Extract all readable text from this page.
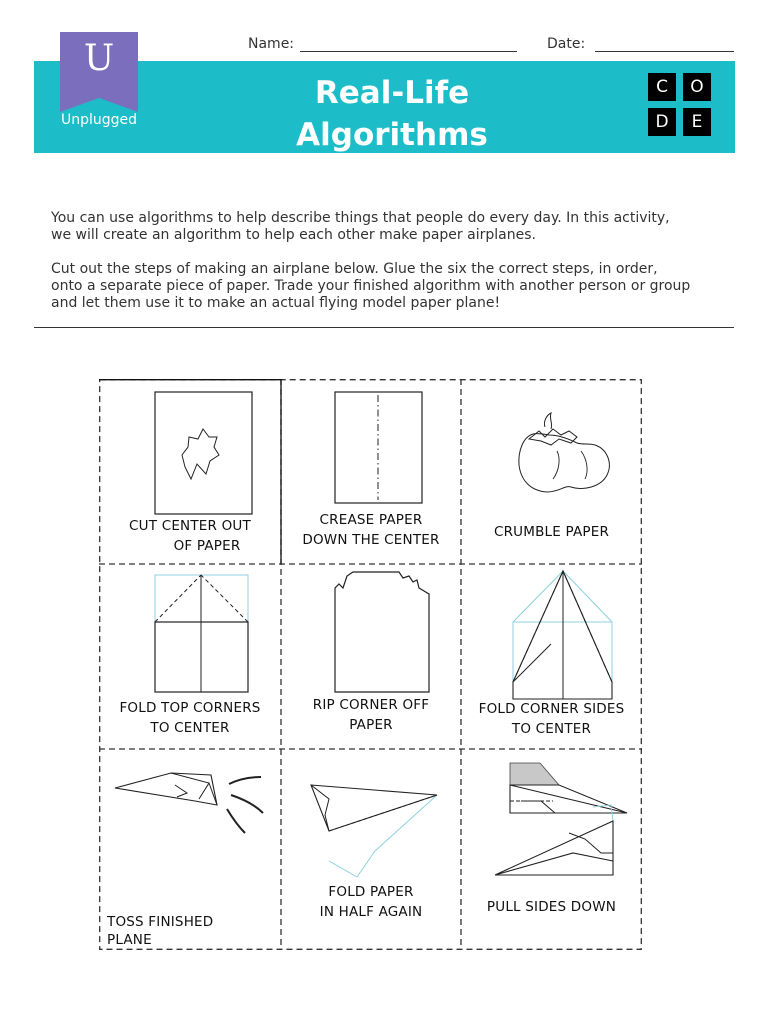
Name:	Date:
U
Unplugged
Real-Life
Algorithms
C	O
D	E

You can use algorithms to help describe things that people do every day. In this activity, we will create an algorithm to help each other make paper airplanes.

Cut out the steps of making an airplane below. Glue the six the correct steps, in order, onto a separate piece of paper. Trade your finished algorithm with another person or group and let them use it to make an actual flying model paper plane!

CUT CENTER OUT
OF PAPER
CREASE PAPER
DOWN THE CENTER	CRUMBLE PAPER
FOLD TOP CORNERS
TO CENTER
RIP CORNER OFF
PAPER
FOLD CORNER SIDES
TO CENTER
TOSS FINISHED
PLANE
FOLD PAPER
IN HALF AGAIN	PULL SIDES DOWN
